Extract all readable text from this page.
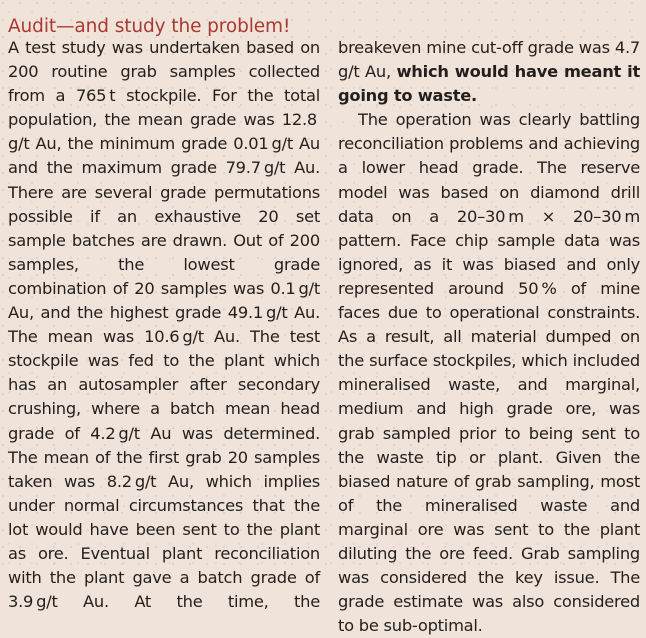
Audit—and study the problem!

A test study was undertaken based on 200 routine grab samples collected from a 765 t stockpile. For the total population, the mean grade was 12.8 g/t Au, the minimum grade 0.01 g/t Au and the maximum grade 79.7 g/t Au. There are several grade permutations possible if an exhaustive 20 set sample batches are drawn. Out of 200 samples, the lowest grade combination of 20 samples was 0.1 g/t Au, and the highest grade 49.1 g/t Au. The mean was 10.6 g/t Au. The test stockpile was fed to the plant which has an autosampler after secondary crushing, where a batch mean head grade of 4.2 g/t Au was determined. The mean of the first grab 20 samples taken was 8.2 g/t Au, which implies under normal circumstances that the lot would have been sent to the plant as ore. Eventual plant reconciliation with the plant gave a batch grade of 3.9 g/t Au. At the time, the

breakeven mine cut-off grade was 4.7 g/t Au, which would have meant it going to waste.

The operation was clearly battling reconciliation problems and achieving a lower head grade. The reserve model was based on diamond drill data on a 20–30 m × 20–30 m pattern. Face chip sample data was ignored, as it was biased and only represented around 50 % of mine faces due to operational constraints. As a result, all material dumped on the surface stockpiles, which included mineralised waste, and marginal, medium and high grade ore, was grab sampled prior to being sent to the waste tip or plant. Given the biased nature of grab sampling, most of the mineralised waste and marginal ore was sent to the plant diluting the ore feed. Grab sampling was considered the key issue. The grade estimate was also considered to be sub-optimal.
